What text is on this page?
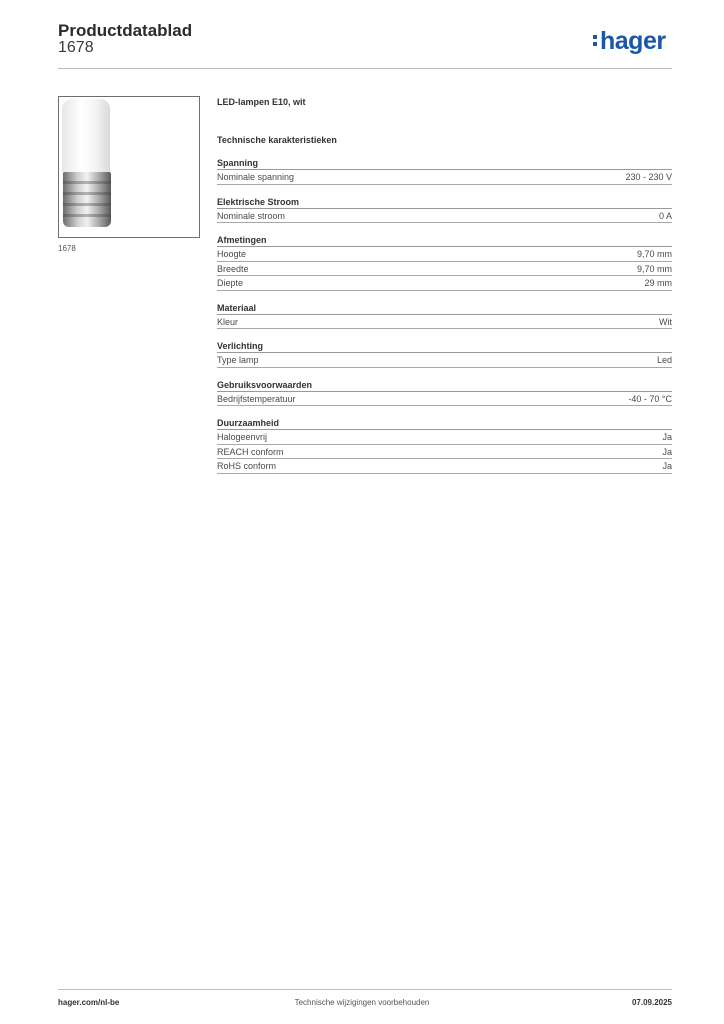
Productdatablad
1678	hager
1678
LED-lampen E10, wit
Technische karakteristieken
Spanning
Nominale spanning	230 - 230 V
Elektrische Stroom
Nominale stroom	0 A
Afmetingen
Hoogte	9,70 mm
Breedte	9,70 mm
Diepte	29 mm
Materiaal
Kleur	Wit
Verlichting
Type lamp	Led
Gebruiksvoorwaarden
Bedrijfstemperatuur	-40 - 70 °C
Duurzaamheid
Halogeenvrij	Ja
REACH conform	Ja
RoHS conform	Ja
hager.com/nl-be	Technische wijzigingen voorbehouden	07.09.2025
